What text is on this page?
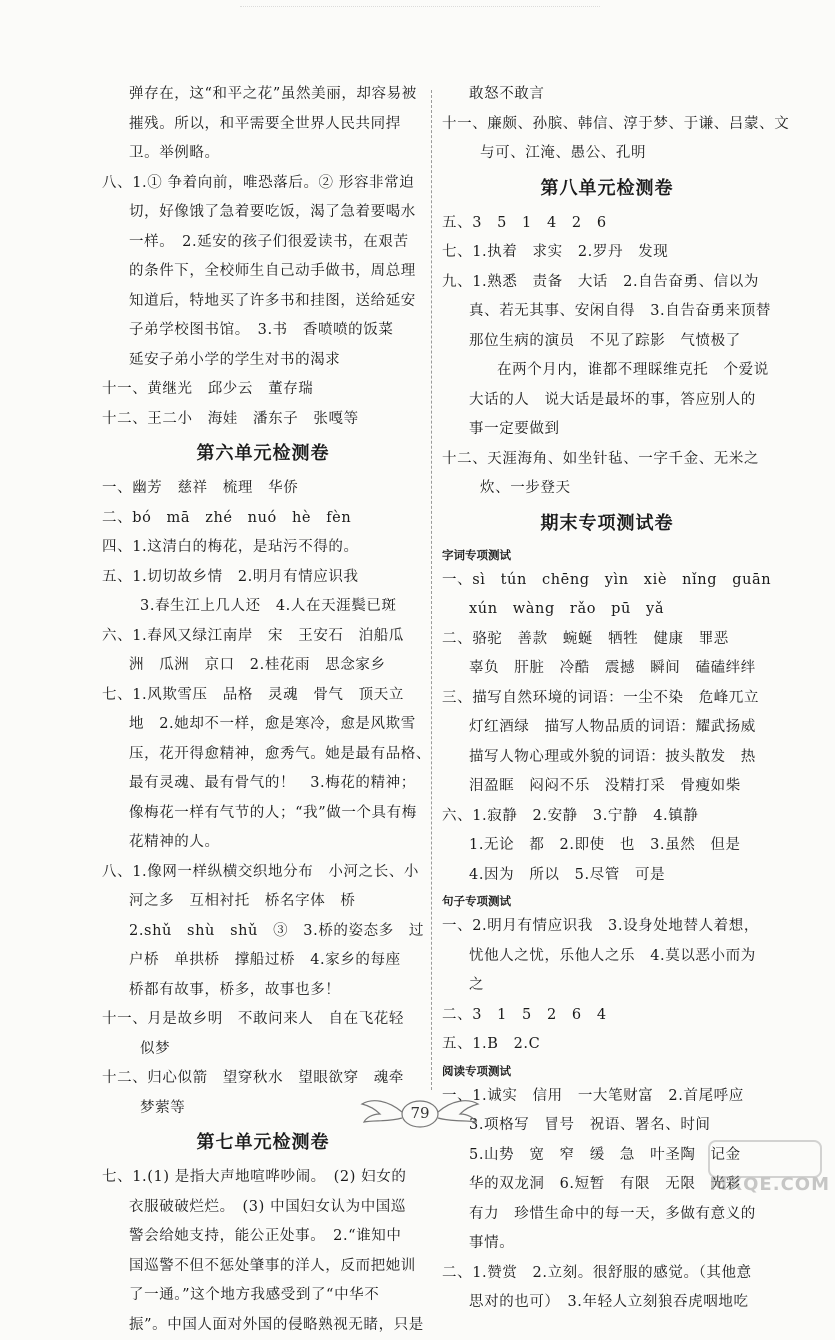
弹存在，这“和平之花”虽然美丽，却容易被
摧残。所以，和平需要全世界人民共同捍
卫。举例略。
八、1.① 争着向前，唯恐落后。② 形容非常迫
切，好像饿了急着要吃饭，渴了急着要喝水
一样。　2.延安的孩子们很爱读书，在艰苦
的条件下，全校师生自己动手做书，周总理
知道后，特地买了许多书和挂图，送给延安
子弟学校图书馆。　3.书　香喷喷的饭菜
延安子弟小学的学生对书的渴求
十一、黄继光　邱少云　董存瑞
十二、王二小　海娃　潘东子　张嘎等
第六单元检测卷
一、幽芳　慈祥　梳理　华侨
二、bó　mā　zhé　nuó　hè　fèn
四、1.这清白的梅花，是玷污不得的。
五、1.切切故乡情　2.明月有情应识我
3.春生江上几人还　4.人在天涯鬓已斑
六、1.春风又绿江南岸　宋　王安石　泊船瓜
洲　瓜洲　京口　2.桂花雨　思念家乡
七、1.风欺雪压　品格　灵魂　骨气　顶天立
地　2.她却不一样，愈是寒冷，愈是风欺雪
压，花开得愈精神，愈秀气。她是最有品格、
最有灵魂、最有骨气的！　3.梅花的精神；
像梅花一样有气节的人；“我”做一个具有梅
花精神的人。
八、1.像网一样纵横交织地分布　小河之长、小
河之多　互相衬托　桥名字体　桥
2.shǔ　shù　shǔ　③　3.桥的姿态多　过
户桥　单拱桥　撑船过桥　4.家乡的每座
桥都有故事，桥多，故事也多！
十一、月是故乡明　不敢问来人　自在飞花轻
似梦
十二、归心似箭　望穿秋水　望眼欲穿　魂牵
梦萦等
第七单元检测卷
七、1.(1) 是指大声地喧哗吵闹。　(2) 妇女的
衣服破破烂烂。　(3) 中国妇女认为中国巡
警会给她支持，能公正处事。　2.“谁知中
国巡警不但不惩处肇事的洋人，反而把她训
了一通。”这个地方我感受到了“中华不
振”。中国人面对外国的侵略熟视无睹，只是
敢怒不敢言
十一、廉颇、孙膑、韩信、淳于梦、于谦、吕蒙、文
与可、江淹、愚公、孔明
第八单元检测卷
五、3　5　1　4　2　6
七、1.执着　求实　2.罗丹　发现
九、1.熟悉　责备　大话　2.自告奋勇、信以为
真、若无其事、安闲自得　3.自告奋勇来顶替
那位生病的演员　不见了踪影　气愤极了
在两个月内，谁都不理睬维克托　个爱说
大话的人　说大话是最坏的事，答应别人的
事一定要做到
十二、天涯海角、如坐针毡、一字千金、无米之
炊、一步登天
期末专项测试卷
字词专项测试
一、sì　tún　chēng　yìn　xiè　nǐng　guān
xún　wàng　rǎo　pū　yǎ
二、骆驼　善款　蜿蜒　牺牲　健康　罪恶
辜负　肝脏　冷酷　震撼　瞬间　磕磕绊绊
三、描写自然环境的词语：一尘不染　危峰兀立
灯红酒绿　描写人物品质的词语：耀武扬威
描写人物心理或外貌的词语：披头散发　热
泪盈眶　闷闷不乐　没精打采　骨瘦如柴
六、1.寂静　2.安静　3.宁静　4.镇静
1.无论　都　2.即使　也　3.虽然　但是
4.因为　所以　5.尽管　可是
句子专项测试
一、2.明月有情应识我　3.设身处地替人着想，
忧他人之忧，乐他人之乐　4.莫以恶小而为
之
二、3　1　5　2　6　4
五、1.B　2.C
阅读专项测试
一、1.诚实　信用　一大笔财富　2.首尾呼应
3.项格写　冒号　祝语、署名、时间
5.山势　宽　窄　缓　急　叶圣陶　记金
华的双龙洞　6.短暂　有限　无限　光彩
有力　珍惜生命中的每一天，多做有意义的
事情。
二、1.赞赏　2.立刻。很舒服的感觉。（其他意
思对的也可）　3.年轻人立刻狼吞虎咽地吃
79
MXQE.COM
